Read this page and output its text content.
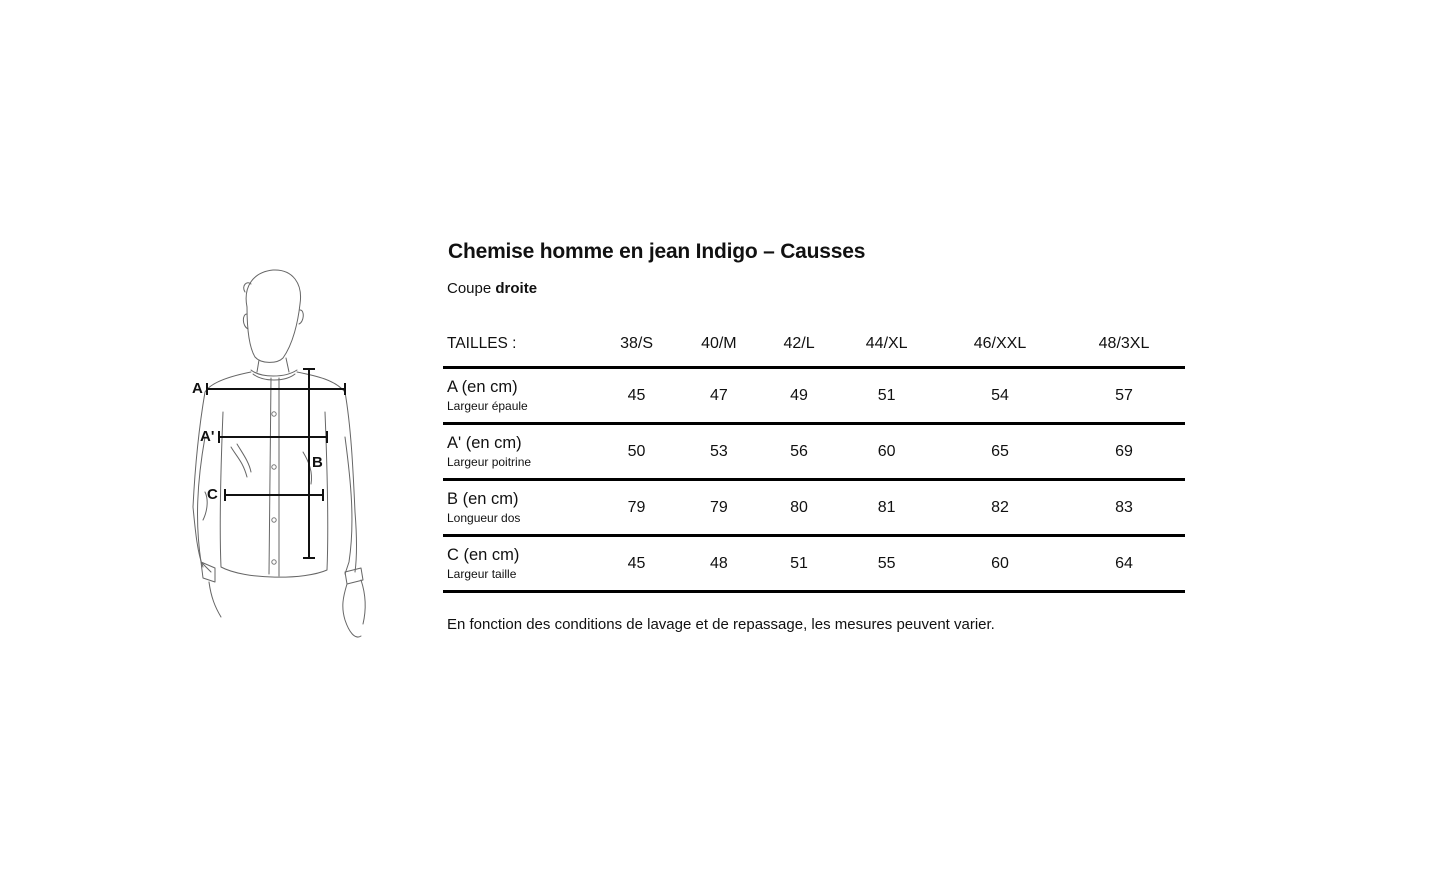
A
A'
B
C
Chemise homme en jean Indigo – Causses
Coupe droite
TAILLES :	38/S	40/M	42/L	44/XL	46/XXL	48/3XL

A (en cm)
Largeur épaule	45	47	49	51	54	57

A' (en cm)
Largeur poitrine	50	53	56	60	65	69

B (en cm)
Longueur dos	79	79	80	81	82	83

C (en cm)
Largeur taille	45	48	51	55	60	64
En fonction des conditions de lavage et de repassage, les mesures peuvent varier.
